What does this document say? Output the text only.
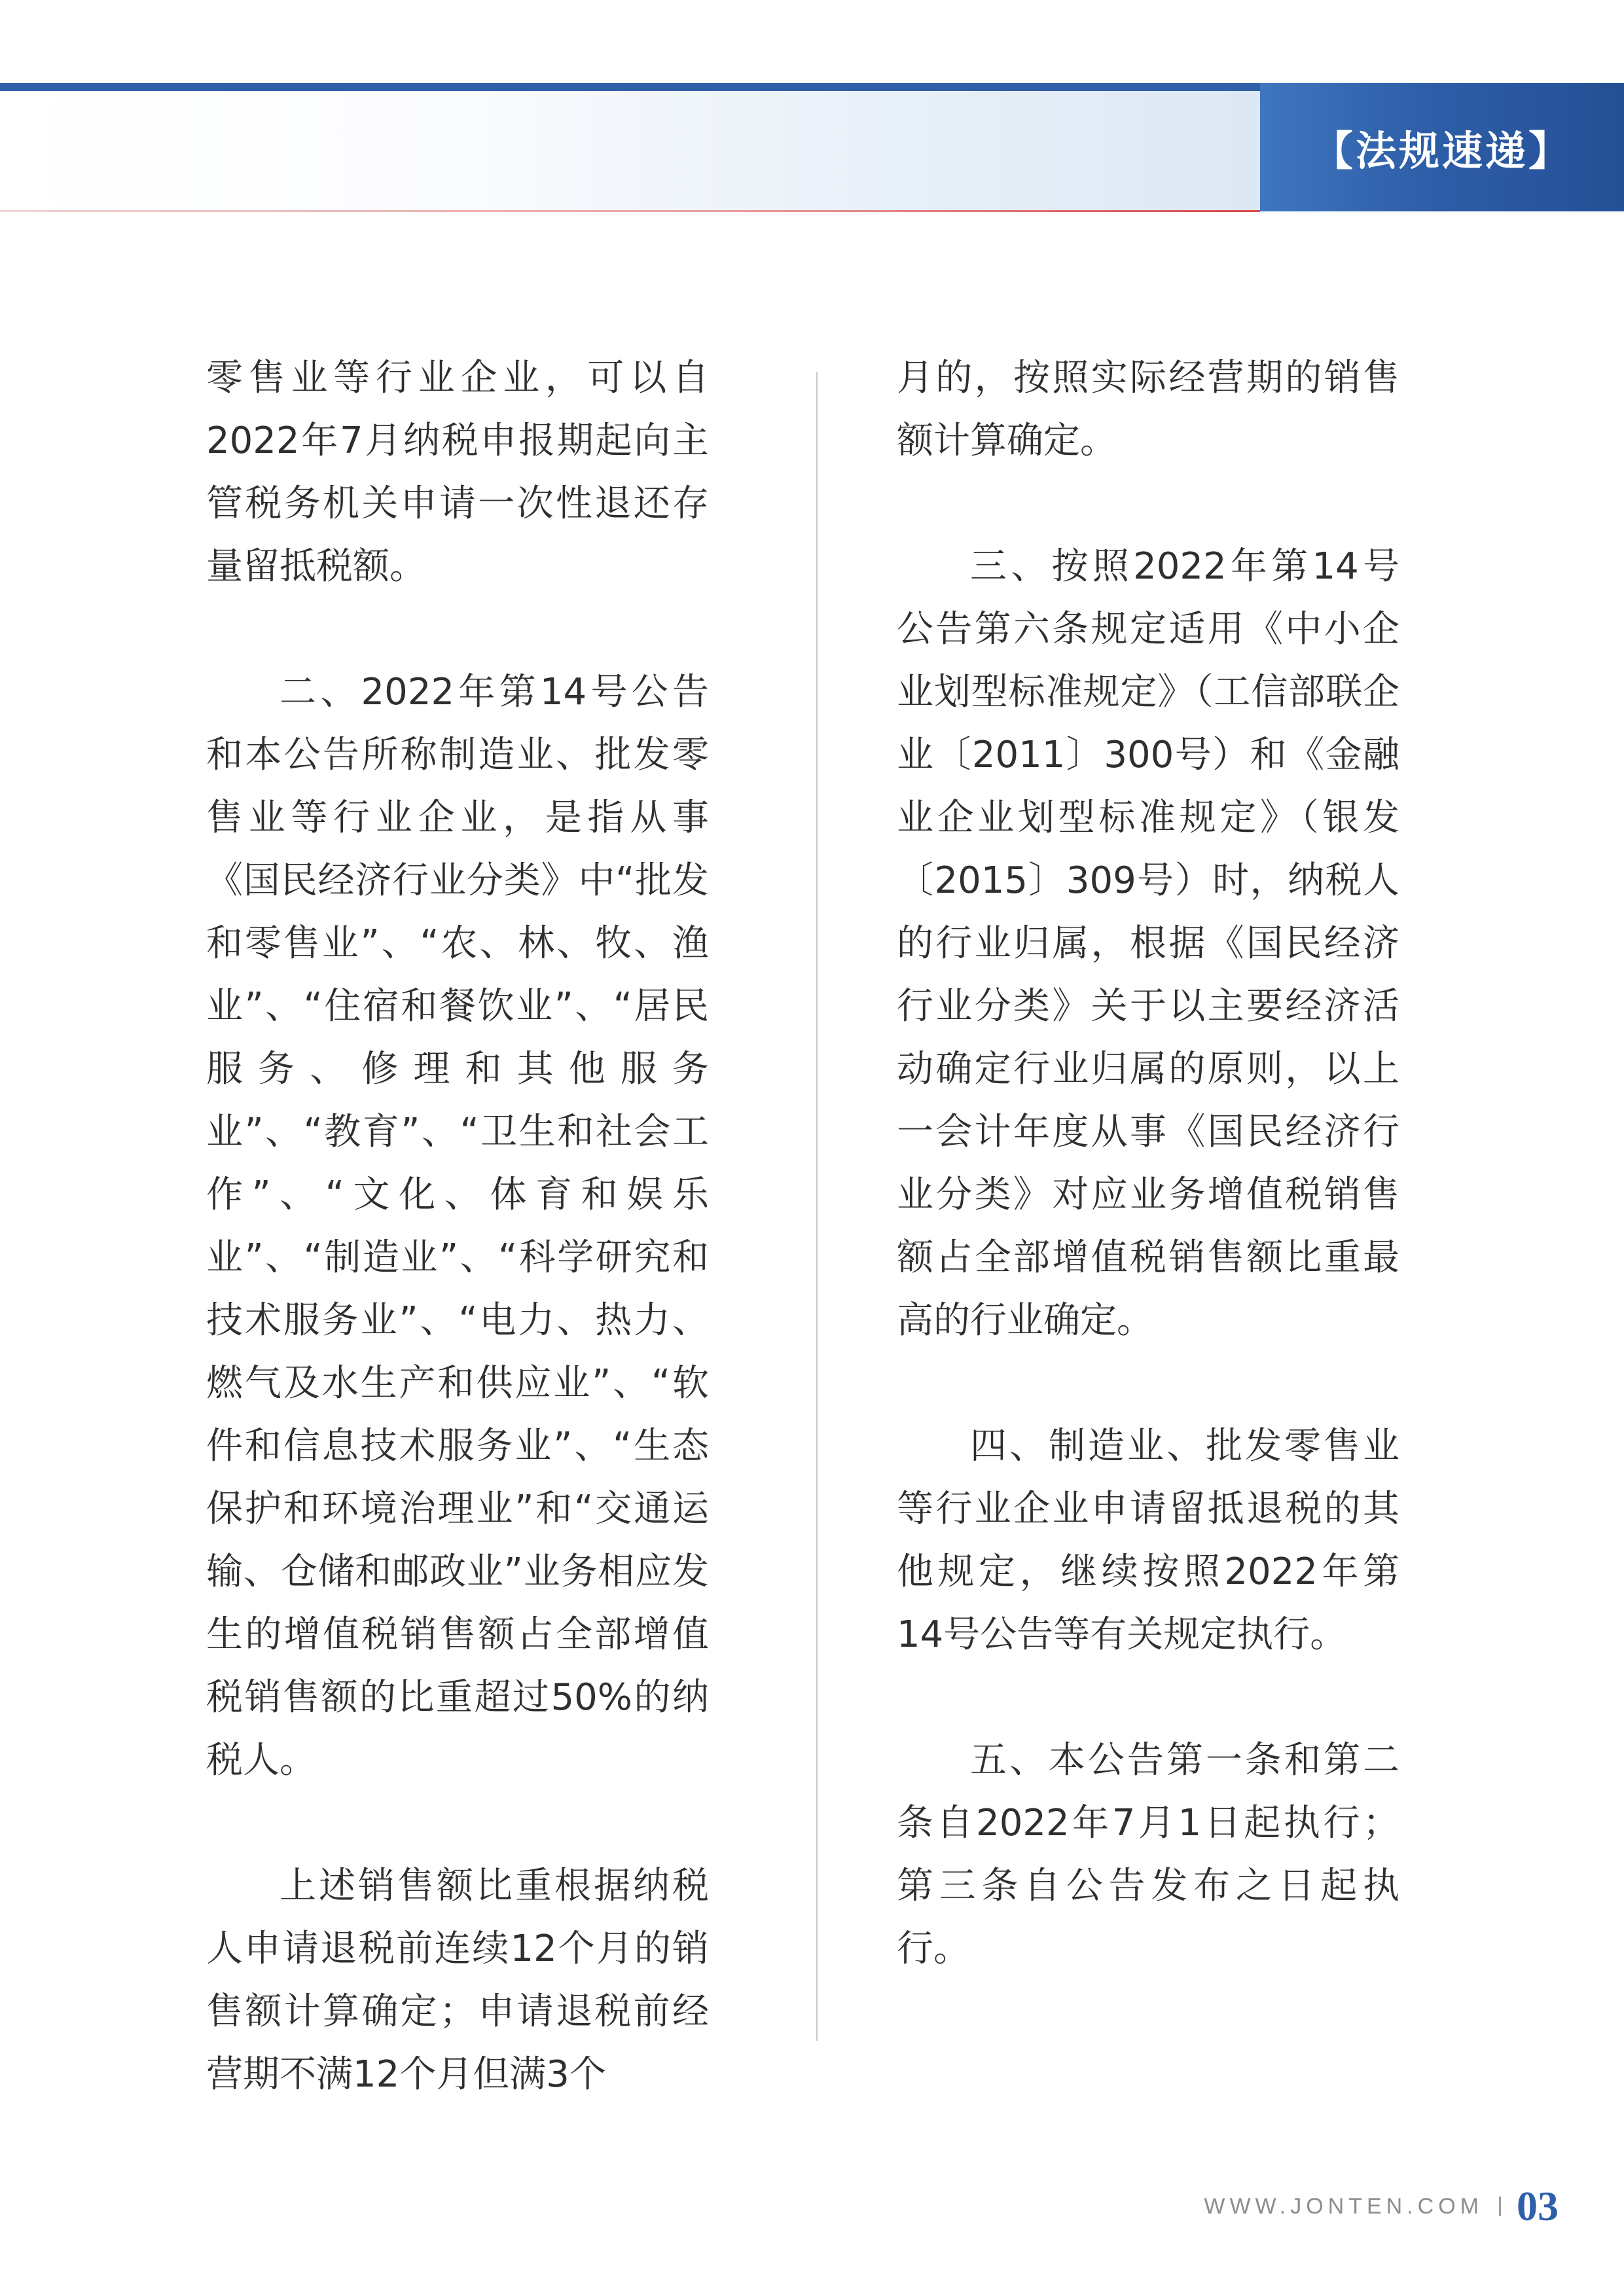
【法规速递】

零售业等行业企业，可以自2022年7月纳税申报期起向主管税务机关申请一次性退还存量留抵税额。

二、2022年第14号公告和本公告所称制造业、批发零售业等行业企业，是指从事《国民经济行业分类》中“批发和零售业”、“农、林、牧、渔业”、“住宿和餐饮业”、“居民服务、修理和其他服务业”、“教育”、“卫生和社会工作”、“文化、体育和娱乐业”、“制造业”、“科学研究和技术服务业”、“电力、热力、燃气及水生产和供应业”、“软件和信息技术服务业”、“生态保护和环境治理业”和“交通运输、仓储和邮政业”业务相应发生的增值税销售额占全部增值税销售额的比重超过50%的纳税人。

上述销售额比重根据纳税人申请退税前连续12个月的销售额计算确定；申请退税前经营期不满12个月但满3个

月的，按照实际经营期的销售额计算确定。

三、按照2022年第14号公告第六条规定适用《中小企业划型标准规定》（工信部联企业〔2011〕300号）和《金融业企业划型标准规定》（银发〔2015〕309号）时，纳税人的行业归属，根据《国民经济行业分类》关于以主要经济活动确定行业归属的原则，以上一会计年度从事《国民经济行业分类》对应业务增值税销售额占全部增值税销售额比重最高的行业确定。

四、制造业、批发零售业等行业企业申请留抵退税的其他规定，继续按照2022年第14号公告等有关规定执行。

五、本公告第一条和第二条自2022年7月1日起执行；第三条自公告发布之日起执行。

WWW.JONTEN.COM 03
